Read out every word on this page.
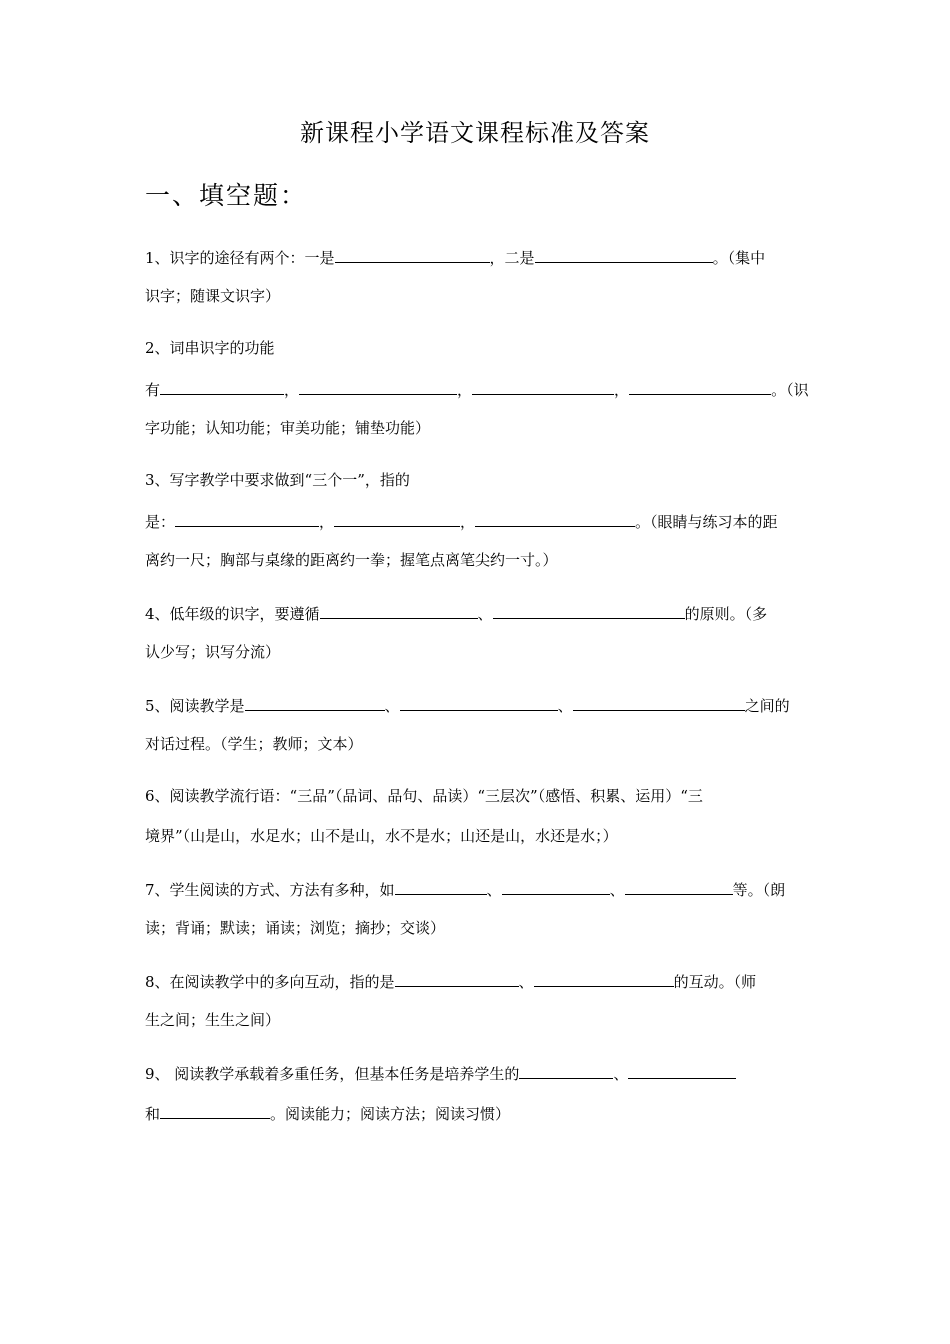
新课程小学语文课程标准及答案
一、填空题：
1、识字的途径有两个：一是	，二是	。（集中
识字；随课文识字）
2、词串识字的功能
有	，	，	，	。（识
字功能；认知功能；审美功能；铺垫功能）
3、写字教学中要求做到“三个一”，指的
是：	，	，	。（眼睛与练习本的距
离约一尺；胸部与桌缘的距离约一拳；握笔点离笔尖约一寸。）
4、低年级的识字，要遵循	、	的原则。（多
认少写；识写分流）
5、阅读教学是	、	、	之间的
对话过程。（学生；教师；文本）
6、阅读教学流行语：“三品”（品词、品句、品读）“三层次”（感悟、积累、运用）“三
境界”（山是山，水足水；山不是山，水不是水；山还是山，水还是水；）
7、学生阅读的方式、方法有多种，如	、	、	等。（朗
读；背诵；默读；诵读；浏览；摘抄；交谈）
8、在阅读教学中的多向互动，指的是	、	的互动。（师
生之间；生生之间）
9、 阅读教学承载着多重任务，但基本任务是培养学生的	、
和	。阅读能力；阅读方法；阅读习惯）
